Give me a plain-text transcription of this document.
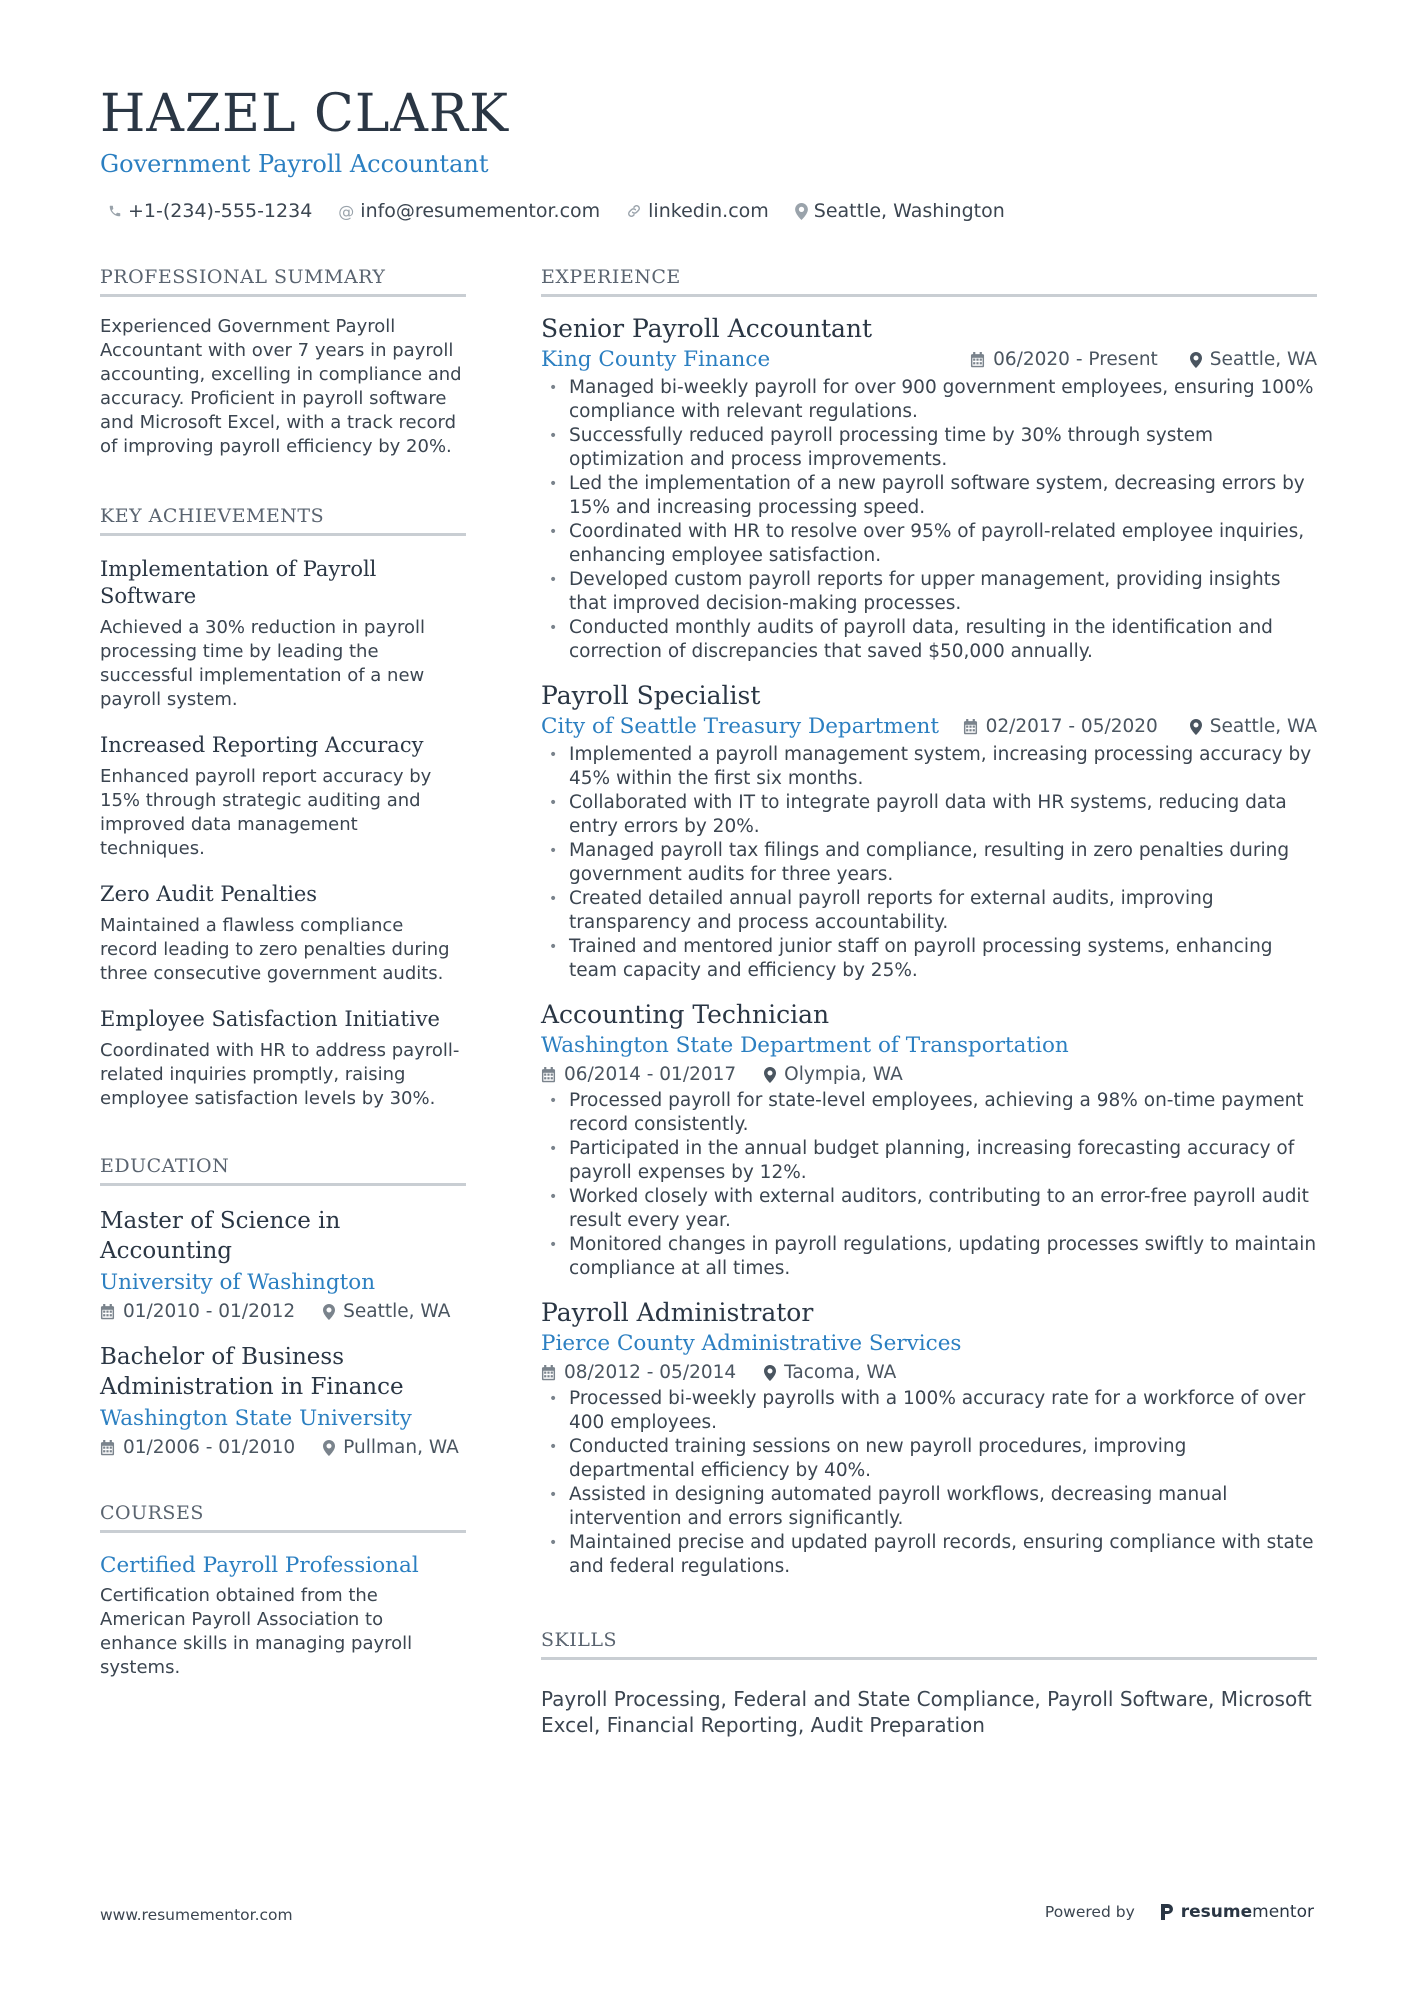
HAZEL CLARK
Government Payroll Accountant
+1-(234)-555-1234 @ info@resumementor.com	linkedin.com Seattle, Washington
PROFESSIONAL SUMMARY

Experienced Government Payroll Accountant with over 7 years in payroll accounting, excelling in compliance and accuracy. Proficient in payroll software and Microsoft Excel, with a track record of improving payroll efficiency by 20%.

KEY ACHIEVEMENTS
Implementation of Payroll Software

Achieved a 30% reduction in payroll processing time by leading the successful implementation of a new payroll system.

Increased Reporting Accuracy

Enhanced payroll report accuracy by 15% through strategic auditing and improved data management techniques.

Zero Audit Penalties

Maintained a flawless compliance record leading to zero penalties during three consecutive government audits.

Employee Satisfaction Initiative

Coordinated with HR to address payroll-related inquiries promptly, raising employee satisfaction levels by 30%.

EDUCATION
Master of Science in Accounting
University of Washington
01/2010 - 01/2012	Seattle, WA
Bachelor of Business Administration in Finance
Washington State University
01/2006 - 01/2010	Pullman, WA
COURSES
Certified Payroll Professional

Certification obtained from the American Payroll Association to enhance skills in managing payroll systems.

EXPERIENCE
Senior Payroll Accountant
King County Finance	06/2020 - Present	Seattle, WA
• Managed bi-weekly payroll for over 900 government employees, ensuring 100% compliance with relevant regulations.
• Successfully reduced payroll processing time by 30% through system optimization and process improvements.
• Led the implementation of a new payroll software system, decreasing errors by 15% and increasing processing speed.
• Coordinated with HR to resolve over 95% of payroll-related employee inquiries, enhancing employee satisfaction.
• Developed custom payroll reports for upper management, providing insights that improved decision-making processes.
• Conducted monthly audits of payroll data, resulting in the identification and correction of discrepancies that saved $50,000 annually.
Payroll Specialist
City of Seattle Treasury Department	02/2017 - 05/2020	Seattle, WA
• Implemented a payroll management system, increasing processing accuracy by 45% within the first six months.
• Collaborated with IT to integrate payroll data with HR systems, reducing data entry errors by 20%.
• Managed payroll tax filings and compliance, resulting in zero penalties during government audits for three years.
• Created detailed annual payroll reports for external audits, improving transparency and process accountability.
• Trained and mentored junior staff on payroll processing systems, enhancing team capacity and efficiency by 25%.
Accounting Technician
Washington State Department of Transportation
06/2014 - 01/2017	Olympia, WA
• Processed payroll for state-level employees, achieving a 98% on-time payment record consistently.
• Participated in the annual budget planning, increasing forecasting accuracy of payroll expenses by 12%.
• Worked closely with external auditors, contributing to an error-free payroll audit result every year.
• Monitored changes in payroll regulations, updating processes swiftly to maintain compliance at all times.
Payroll Administrator
Pierce County Administrative Services
08/2012 - 05/2014	Tacoma, WA
• Processed bi-weekly payrolls with a 100% accuracy rate for a workforce of over 400 employees.
• Conducted training sessions on new payroll procedures, improving departmental efficiency by 40%.
• Assisted in designing automated payroll workflows, decreasing manual intervention and errors significantly.
• Maintained precise and updated payroll records, ensuring compliance with state and federal regulations.
SKILLS

Payroll Processing, Federal and State Compliance, Payroll Software, Microsoft Excel, Financial Reporting, Audit Preparation

www.resumementor.com	Powered by	resumementor
